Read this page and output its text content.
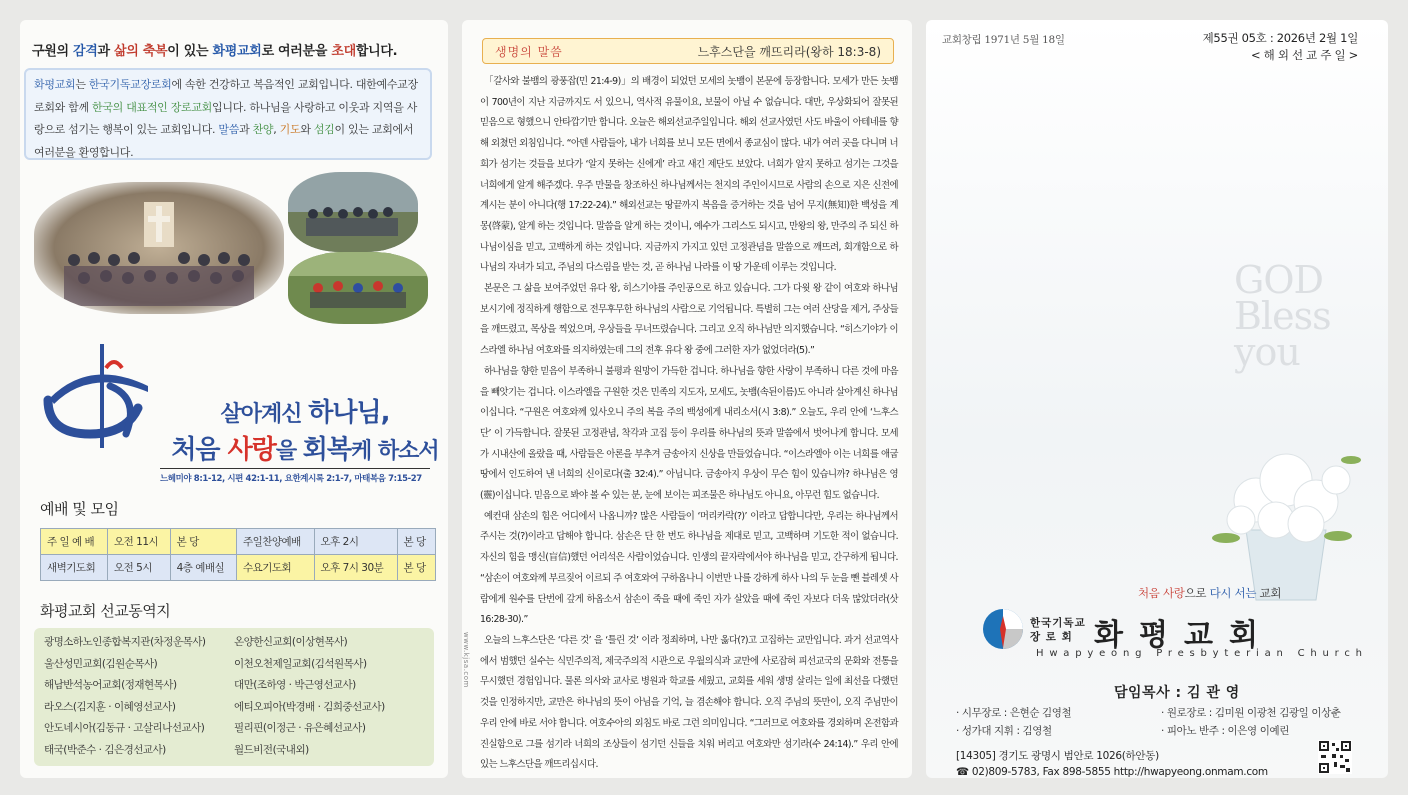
구원의 감격과 삶의 축복이 있는 화평교회로 여러분을 초대합니다.
화평교회는 한국기독교장로회에 속한 건강하고 복음적인 교회입니다. 대한예수교장로회와 함께 한국의 대표적인 장로교회입니다. 하나님을 사랑하고 이웃과 지역을 사랑으로 섬기는 행복이 있는 교회입니다. 말씀과 찬양, 기도와 섬김이 있는 교회에서 여러분을 환영합니다.
살아계신 하나님,
처음 사랑을 회복케 하소서
느헤미야 8:1-12, 시편 42:1-11, 요한계시록 2:1-7, 마태복음 7:15-27
예배 및 모임
주 일 예 배	오전 11시	본 당	주일찬양예배	오후 2시	본 당
새벽기도회	오전 5시	4층 예배실	수요기도회	오후 7시 30분	본 당
화평교회 선교동역지
광명소하노인종합복지관(차정운목사)	온양한신교회(이상현목사)
울산성민교회(김원순목사)	이천오천제일교회(김석원목사)
해남반석농어교회(정재현목사)	대만(조하영 · 박근영선교사)
라오스(김지훈 · 이혜영선교사)	에티오피아(박경배 · 김희중선교사)
안도네시아(김동규 · 고살리나선교사)	필리핀(이정근 · 유은혜선교사)
태국(박준수 · 김은경선교사)	월드비전(국내외)
생명의 말씀	느후스단을 깨뜨리라(왕하 18:3-8)

「갈사와 불뱀의 광풍잡(민 21:4-9)」의 배경이 되었던 모세의 놋뱀이 본문에 등장합니다. 모세가 만든 놋뱀이 700년이 지난 지금까지도 서 있으니, 역사적 유물이요, 보물이 아닐 수 없습니다. 대만, 우상화되어 잘못된 믿음으로 형했으니 안타깝기만 합니다. 오늘은 해외선교주일입니다. 해외 선교사였던 사도 바울이 아테네를 향해 외쳤던 외침입니다. “아덴 사람들아, 내가 너희를 보니 모든 면에서 종교심이 많다. 내가 여러 곳을 다니며 너희가 섬기는 것들을 보다가 ‘알지 못하는 신에게’ 라고 새긴 제단도 보았다. 너희가 알지 못하고 섬기는 그것을 너희에게 알게 해주겠다. 우주 만물을 창조하신 하나님께서는 천지의 주인이시므로 사람의 손으로 지은 신전에 계시는 분이 아니다(행 17:22-24).” 해외선교는 땅끝까지 복음을 증거하는 것을 넘어 무지(無知)한 백성을 계몽(啓蒙), 알게 하는 것입니다. 말씀을 알게 하는 것이니, 예수가 그리스도 되시고, 만왕의 왕, 만주의 주 되신 하나님이심을 믿고, 고백하게 하는 것입니다. 지금까지 가지고 있던 고정관념을 말씀으로 깨뜨려, 회개함으로 하나님의 자녀가 되고, 주님의 다스림을 받는 것, 곧 하나님 나라를 이 땅 가운데 이루는 것입니다.

본문은 그 삶을 보여주었던 유다 왕, 히스기야를 주인공으로 하고 있습니다. 그가 다윗 왕 같이 여호와 하나님 보시기에 정직하게 행함으로 전무후무한 하나님의 사람으로 기억됩니다. 특별히 그는 여러 산당을 제거, 주상들을 깨뜨렸고, 목상을 찍었으며, 우상들을 무너뜨렸습니다. 그리고 오직 하나님만 의지했습니다. “히스기야가 이스라엘 하나님 여호와를 의지하였는데 그의 전후 유다 왕 중에 그러한 자가 없었더라(5).”

하나님을 향한 믿음이 부족하니 불평과 원망이 가득한 겁니다. 하나님을 향한 사랑이 부족하니 다른 것에 마음을 빼앗기는 겁니다. 이스라엘을 구원한 것은 민족의 지도자, 모세도, 놋뱀(속된이름)도 아니라 살아계신 하나님이십니다. “구원은 여호와께 있사오니 주의 복을 주의 백성에게 내리소서(시 3:8).” 오늘도, 우리 안에 ‘느후스단’ 이 가득합니다. 잘못된 고정관념, 착각과 고집 등이 우리를 하나님의 뜻과 말씀에서 벗어나게 합니다. 모세가 시내산에 올랐을 때, 사람들은 아론을 부추겨 금송아지 신상을 만들었습니다. “이스라엘아 이는 너희를 애굽 땅에서 인도하여 낸 너희의 신이로다(출 32:4).” 아닙니다. 금송아지 우상이 무슨 힘이 있습니까? 하나님은 영(靈)이십니다. 믿음으로 봐야 볼 수 있는 분, 눈에 보이는 피조물은 하나님도 아니요, 아무런 힘도 없습니다.

예컨대 삼손의 힘은 어디에서 나옵니까? 많은 사람들이 ‘머리카락(?)’ 이라고 답합니다만, 우리는 하나님께서 주시는 것(?)이라고 답해야 합니다. 삼손은 단 한 번도 하나님을 제대로 믿고, 고백하며 기도한 적이 없습니다. 자신의 힘을 맹신(盲信)했던 어리석은 사람이었습니다. 인생의 끝자락에서야 하나님을 믿고, 간구하게 됩니다. “삼손이 여호와께 부르짖어 이르되 주 여호와여 구하옵나니 이번만 나를 강하게 하사 나의 두 눈을 뺀 블레셋 사람에게 원수를 단번에 갚게 하옵소서 삼손이 죽을 때에 죽인 자가 살았을 때에 죽인 자보다 더욱 많았더라(삿 16:28-30).”

오늘의 느후스단은 ‘다른 것’ 을 ‘틀린 것’ 이라 정죄하며, 나만 옳다(?)고 고집하는 교만입니다. 과거 선교역사에서 범했던 실수는 식민주의적, 제국주의적 시관으로 우월의식과 교만에 사로잡혀 피선교국의 문화와 전통을 무시했던 경험입니다. 물론 의사와 교사로 병원과 학교를 세웠고, 교회를 세워 생명 살리는 일에 최선을 다했던 것을 인정하지만, 교만은 하나님의 뜻이 아님을 기억, 늘 겸손해야 합니다. 오직 주님의 뜻만이, 오직 주님만이 우리 안에 바로 서야 합니다. 여호수아의 외침도 바로 그런 의미입니다. “그러므로 여호와를 경외하며 온전함과 진실함으로 그를 섬기라 너희의 조상들이 섬기던 신들을 치워 버리고 여호와만 섬기라(수 24:14).” 우리 안에 있는 느후스단을 깨뜨리십시다.

www.kjsa.com
교회창립 1971년 5월 18일	제55권 05호 : 2026년 2월 1일
< 해 외 선 교 주 일 >
GOD
Bless
you
처음 사랑으로 다시 서는 교회
한국기독교
장 로 회 화평교회
Hwapyeong Presbyterian Church
담임목사 : 김 관 영
· 시무장로 : 은현순 김영철	· 원로장로 : 김미원 이광천 김광일 이상춘
· 성가대 지휘 : 김영철	· 피아노 반주 : 이은영 이예린
[14305] 경기도 광명시 범안로 1026(하안동)
☎ 02)809-5783, Fax 898-5855 http://hwapyeong.onmam.com
